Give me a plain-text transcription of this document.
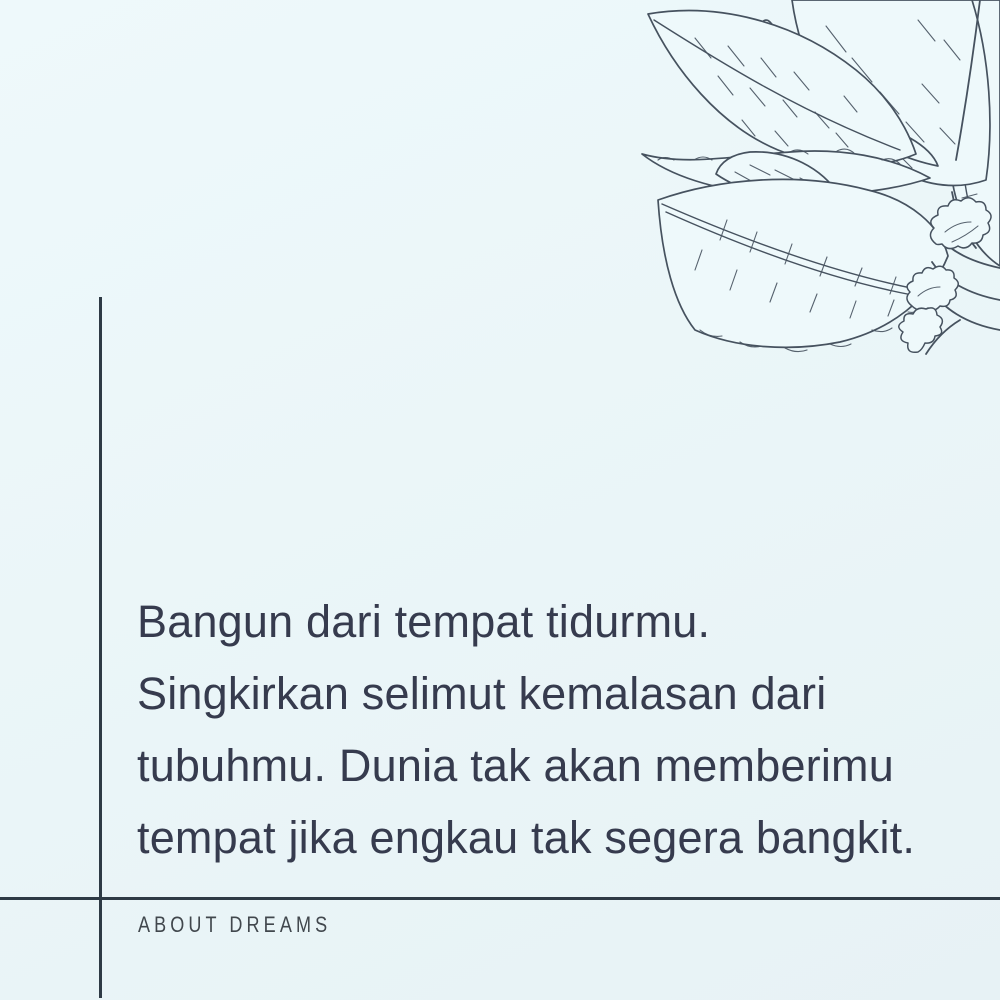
Bangun dari tempat tidurmu.
Singkirkan selimut kemalasan dari
tubuhmu. Dunia tak akan memberimu
tempat jika engkau tak segera bangkit.
ABOUT DREAMS
